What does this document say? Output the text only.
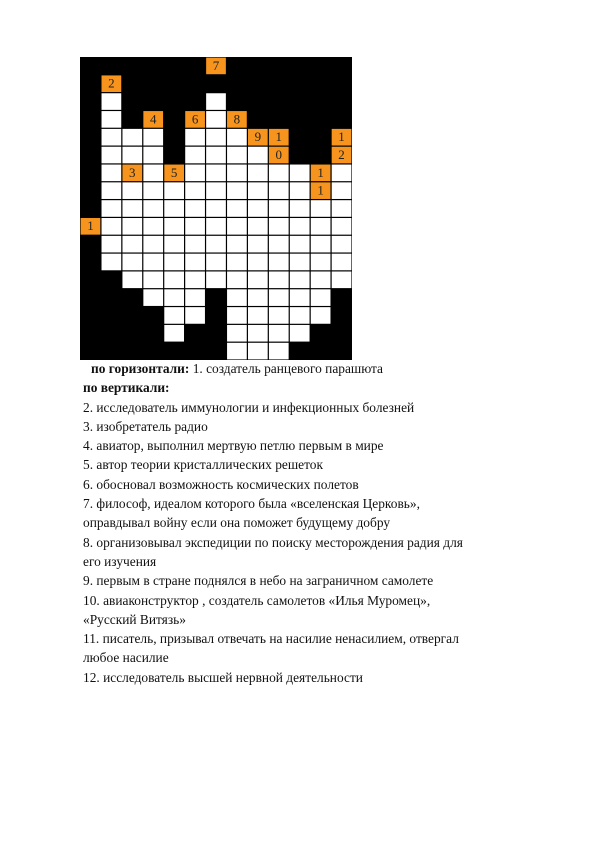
7
2
4	6	8
9 1	1
0	2
3	5	1
1
1
по горизонтали: 1. создатель ранцевого парашюта
по вертикали:
2. исследователь иммунологии и инфекционных болезней
3. изобретатель радио
4. авиатор, выполнил мертвую петлю первым в мире
5. автор теории кристаллических решеток
6. обосновал возможность космических полетов
7. философ, идеалом которого была «вселенская Церковь»,
оправдывал войну если она поможет будущему добру
8. организовывал экспедиции по поиску месторождения радия для
его изучения
9. первым в стране поднялся в небо на заграничном самолете
10. авиаконструктор , создатель самолетов «Илья Муромец»,
«Русский Витязь»
11. писатель, призывал отвечать на насилие ненасилием, отвергал
любое насилие
12. исследователь высшей нервной деятельности
